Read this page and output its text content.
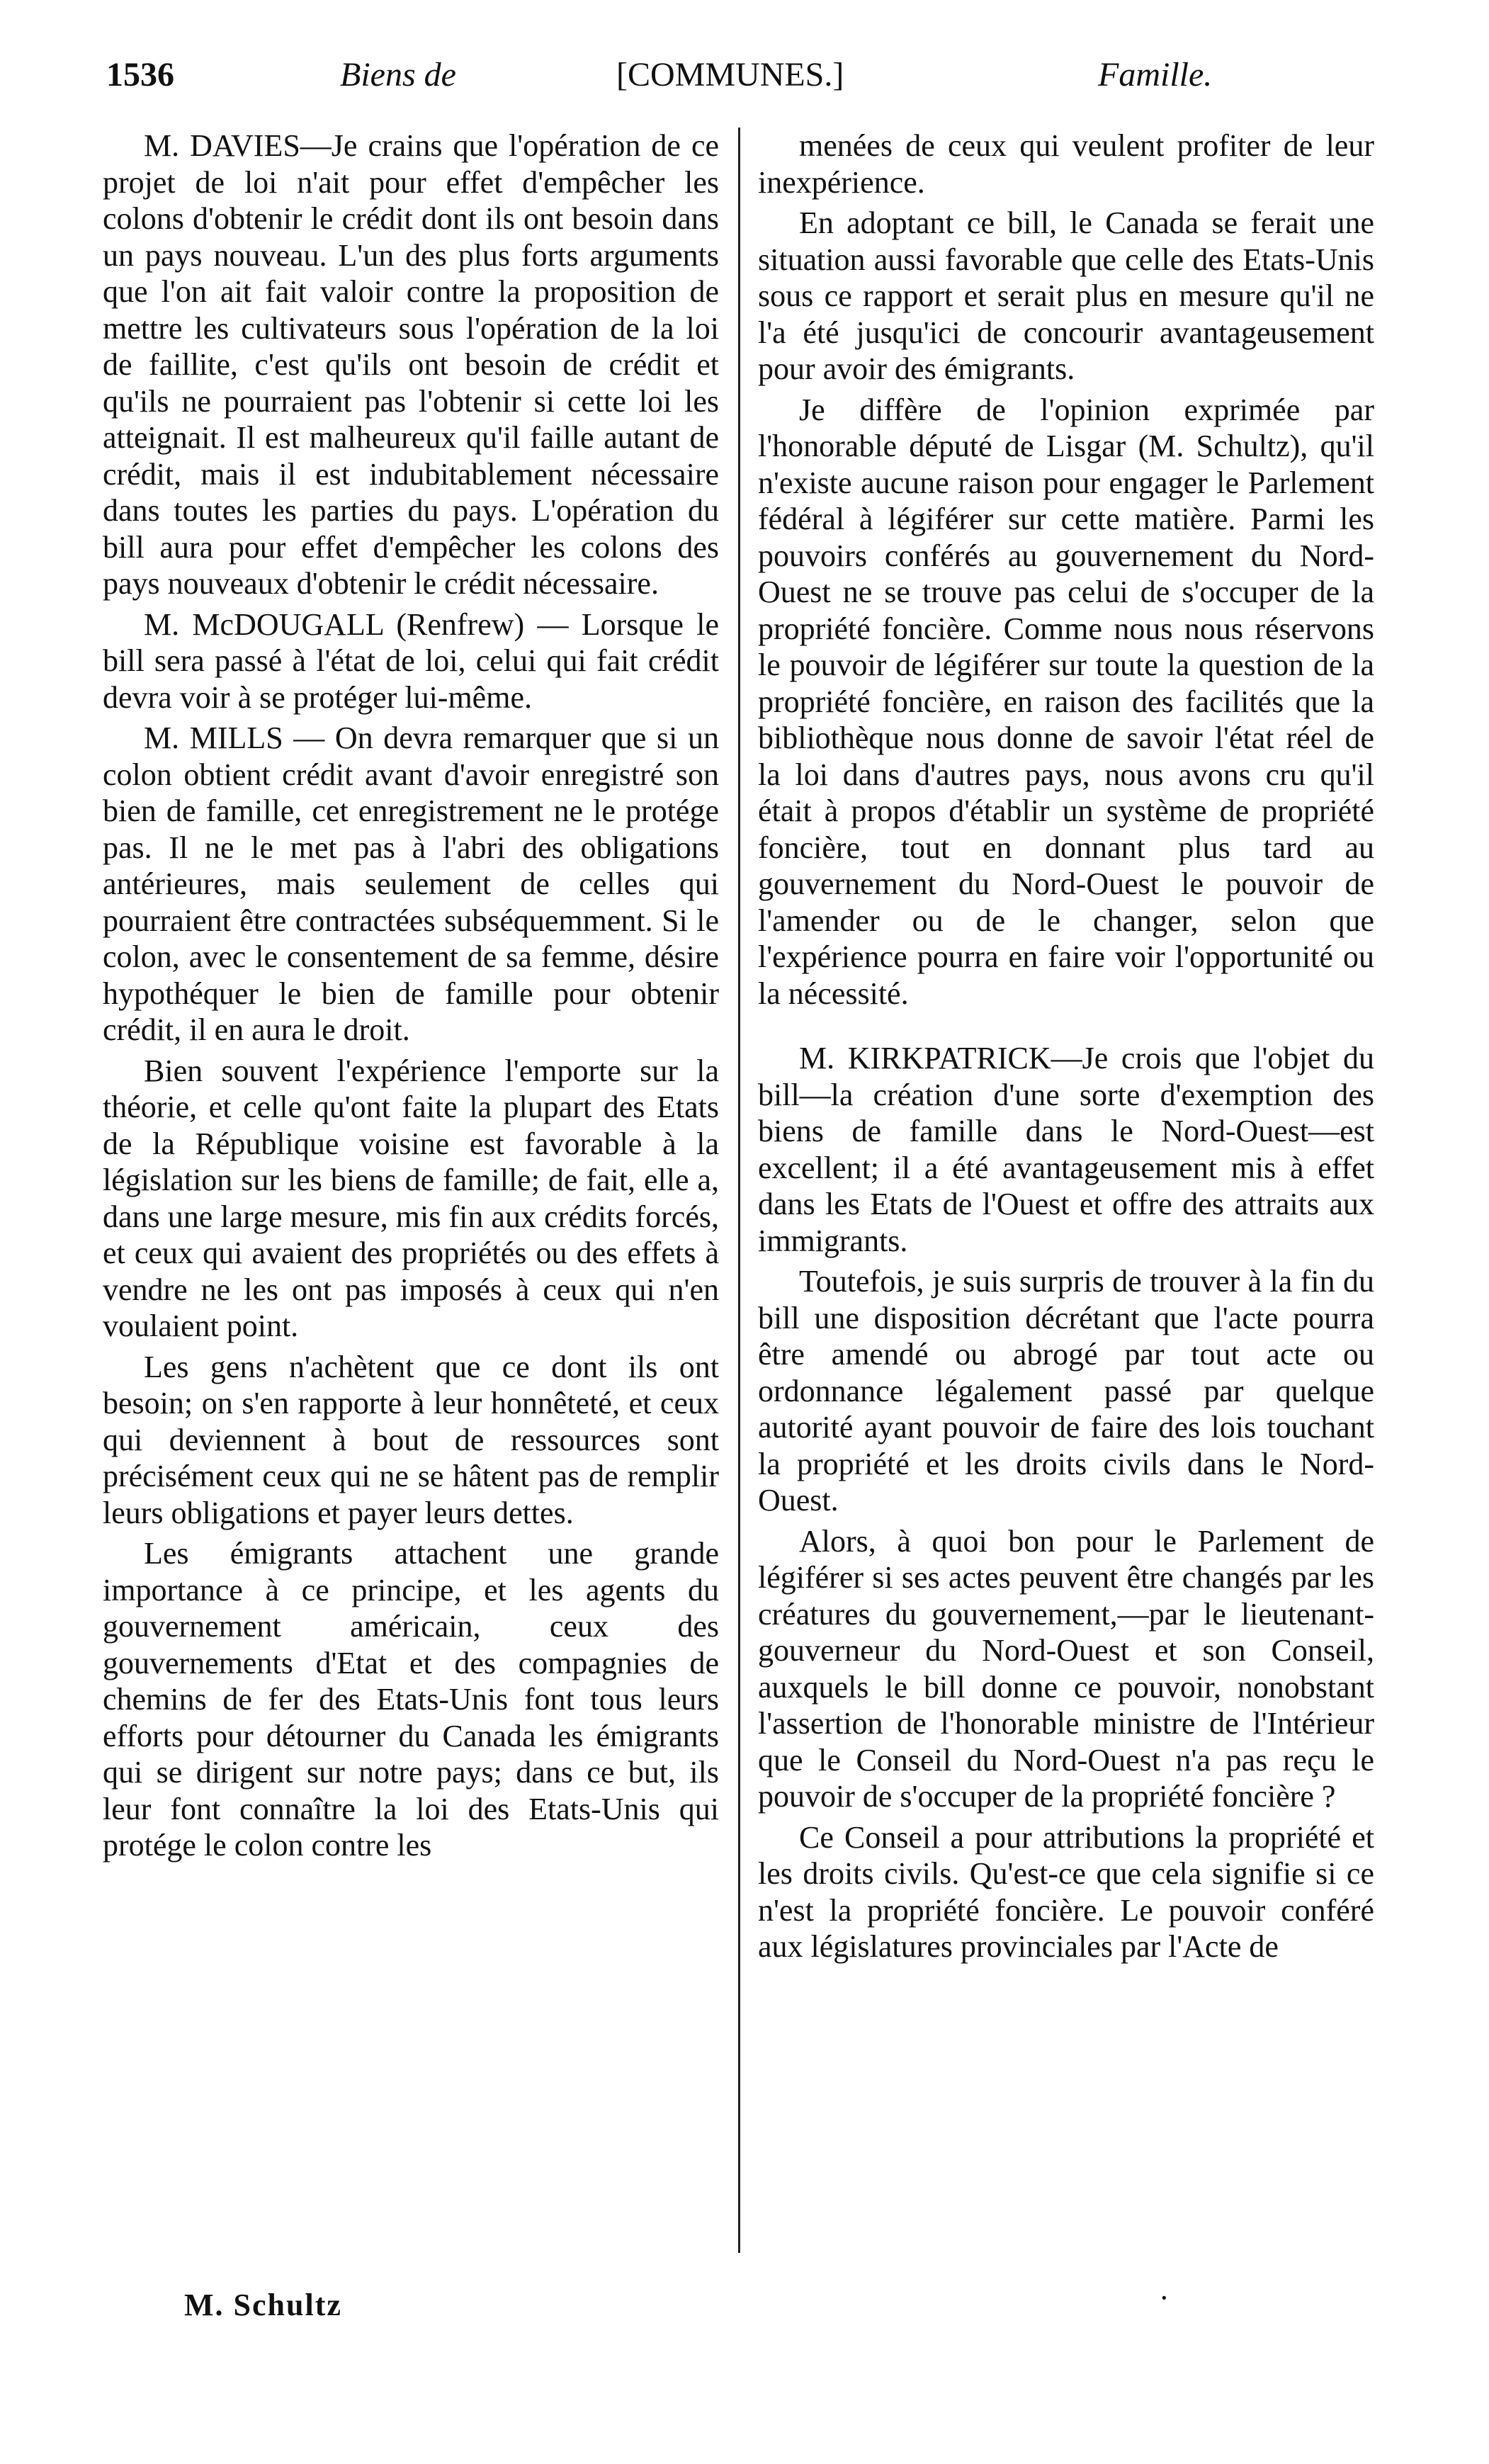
1536	Biens de	[COMMUNES.]	Famille.

M. DAVIES—Je crains que l'opération de ce projet de loi n'ait pour effet d'empêcher les colons d'obtenir le crédit dont ils ont besoin dans un pays nouveau. L'un des plus forts arguments que l'on ait fait valoir contre la proposition de mettre les cultivateurs sous l'opération de la loi de faillite, c'est qu'ils ont besoin de crédit et qu'ils ne pourraient pas l'obtenir si cette loi les atteignait. Il est malheureux qu'il faille autant de crédit, mais il est indubitablement nécessaire dans toutes les parties du pays. L'opération du bill aura pour effet d'empêcher les colons des pays nouveaux d'obtenir le crédit nécessaire.

M. McDOUGALL (Renfrew) — Lorsque le bill sera passé à l'état de loi, celui qui fait crédit devra voir à se protéger lui-même.

M. MILLS — On devra remarquer que si un colon obtient crédit avant d'avoir enregistré son bien de famille, cet enregistrement ne le protége pas. Il ne le met pas à l'abri des obligations antérieures, mais seulement de celles qui pourraient être contractées subséquemment. Si le colon, avec le consentement de sa femme, désire hypothéquer le bien de famille pour obtenir crédit, il en aura le droit.

Bien souvent l'expérience l'emporte sur la théorie, et celle qu'ont faite la plupart des Etats de la République voisine est favorable à la législation sur les biens de famille; de fait, elle a, dans une large mesure, mis fin aux crédits forcés, et ceux qui avaient des propriétés ou des effets à vendre ne les ont pas imposés à ceux qui n'en voulaient point.

Les gens n'achètent que ce dont ils ont besoin; on s'en rapporte à leur honnêteté, et ceux qui deviennent à bout de ressources sont précisément ceux qui ne se hâtent pas de remplir leurs obligations et payer leurs dettes.

Les émigrants attachent une grande importance à ce principe, et les agents du gouvernement américain, ceux des gouvernements d'Etat et des compagnies de chemins de fer des Etats-Unis font tous leurs efforts pour détourner du Canada les émigrants qui se dirigent sur notre pays; dans ce but, ils leur font connaître la loi des Etats-Unis qui protége le colon contre les

menées de ceux qui veulent profiter de leur inexpérience.

En adoptant ce bill, le Canada se ferait une situation aussi favorable que celle des Etats-Unis sous ce rapport et serait plus en mesure qu'il ne l'a été jusqu'ici de concourir avantageusement pour avoir des émigrants.

Je diffère de l'opinion exprimée par l'honorable député de Lisgar (M. Schultz), qu'il n'existe aucune raison pour engager le Parlement fédéral à légiférer sur cette matière. Parmi les pouvoirs conférés au gouvernement du Nord-Ouest ne se trouve pas celui de s'occuper de la propriété foncière. Comme nous nous réservons le pouvoir de légiférer sur toute la question de la propriété foncière, en raison des facilités que la bibliothèque nous donne de savoir l'état réel de la loi dans d'autres pays, nous avons cru qu'il était à propos d'établir un système de propriété foncière, tout en donnant plus tard au gouvernement du Nord-Ouest le pouvoir de l'amender ou de le changer, selon que l'expérience pourra en faire voir l'opportunité ou la nécessité.

M. KIRKPATRICK—Je crois que l'objet du bill—la création d'une sorte d'exemption des biens de famille dans le Nord-Ouest—est excellent; il a été avantageusement mis à effet dans les Etats de l'Ouest et offre des attraits aux immigrants.

Toutefois, je suis surpris de trouver à la fin du bill une disposition décrétant que l'acte pourra être amendé ou abrogé par tout acte ou ordonnance légalement passé par quelque autorité ayant pouvoir de faire des lois touchant la propriété et les droits civils dans le Nord-Ouest.

Alors, à quoi bon pour le Parlement de légiférer si ses actes peuvent être changés par les créatures du gouvernement,—par le lieutenant-gouverneur du Nord-Ouest et son Conseil, auxquels le bill donne ce pouvoir, nonobstant l'assertion de l'honorable ministre de l'Intérieur que le Conseil du Nord-Ouest n'a pas reçu le pouvoir de s'occuper de la propriété foncière ?

Ce Conseil a pour attributions la propriété et les droits civils. Qu'est-ce que cela signifie si ce n'est la propriété foncière. Le pouvoir conféré aux législatures provinciales par l'Acte de

M. Schultz	·
